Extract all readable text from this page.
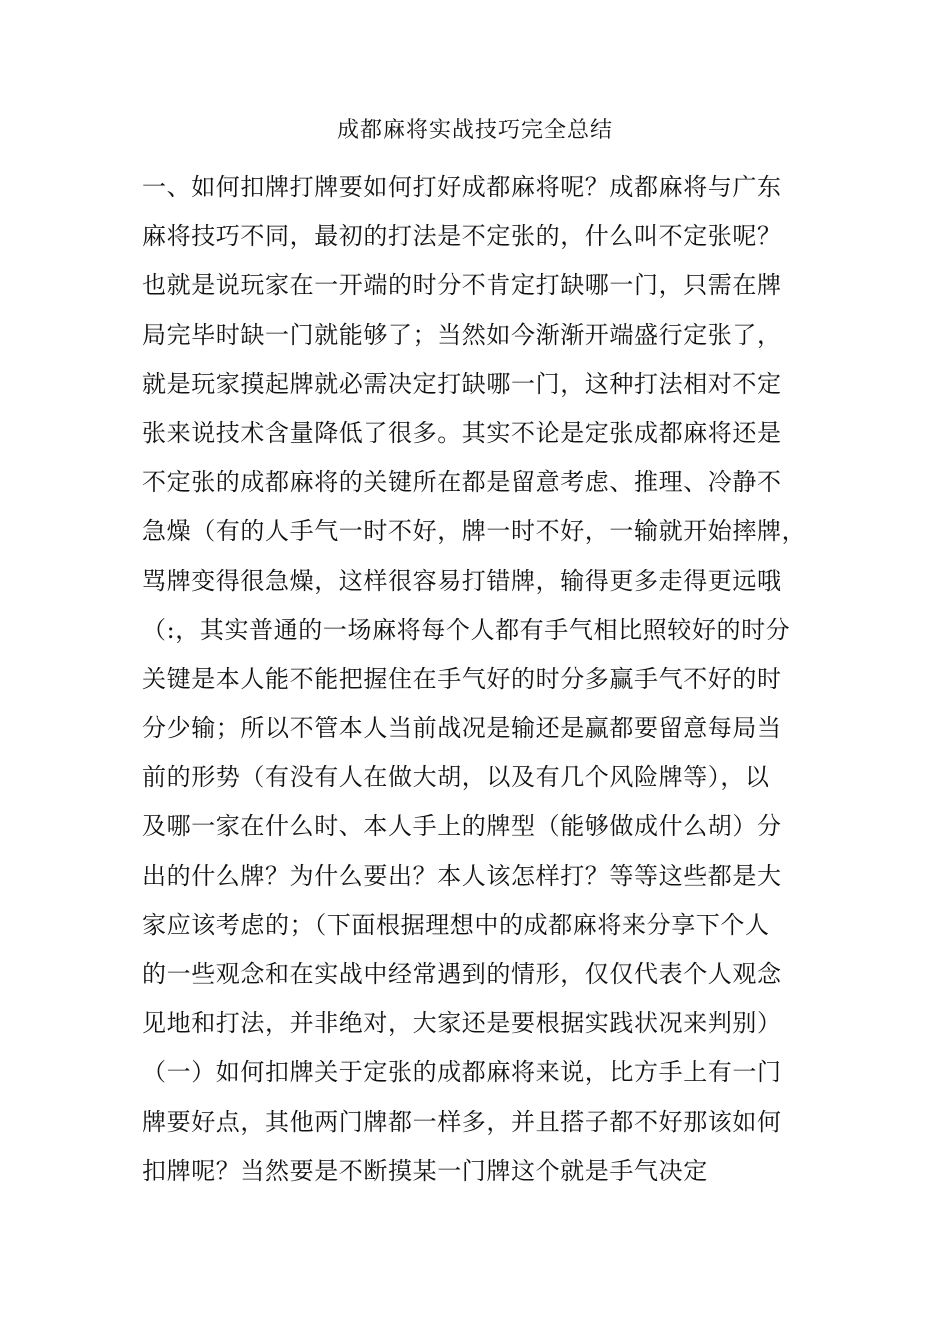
成都麻将实战技巧完全总结
一、如何扣牌打牌要如何打好成都麻将呢？成都麻将与广东
麻将技巧不同，最初的打法是不定张的，什么叫不定张呢？
也就是说玩家在一开端的时分不肯定打缺哪一门，只需在牌
局完毕时缺一门就能够了；当然如今渐渐开端盛行定张了，
就是玩家摸起牌就必需决定打缺哪一门，这种打法相对不定
张来说技术含量降低了很多。其实不论是定张成都麻将还是
不定张的成都麻将的关键所在都是留意考虑、推理、冷静不
急燥（有的人手气一时不好，牌一时不好，一输就开始摔牌，
骂牌变得很急燥，这样很容易打错牌，输得更多走得更远哦
（:，其实普通的一场麻将每个人都有手气相比照较好的时分
关键是本人能不能把握住在手气好的时分多赢手气不好的时
分少输；所以不管本人当前战况是输还是赢都要留意每局当
前的形势（有没有人在做大胡，以及有几个风险牌等），以
及哪一家在什么时、本人手上的牌型（能够做成什么胡）分
出的什么牌？为什么要出？本人该怎样打？等等这些都是大
家应该考虑的；（下面根据理想中的成都麻将来分享下个人
的一些观念和在实战中经常遇到的情形，仅仅代表个人观念
见地和打法，并非绝对，大家还是要根据实践状况来判别）
（一）如何扣牌关于定张的成都麻将来说，比方手上有一门
牌要好点，其他两门牌都一样多，并且搭子都不好那该如何
扣牌呢？当然要是不断摸某一门牌这个就是手气决定
